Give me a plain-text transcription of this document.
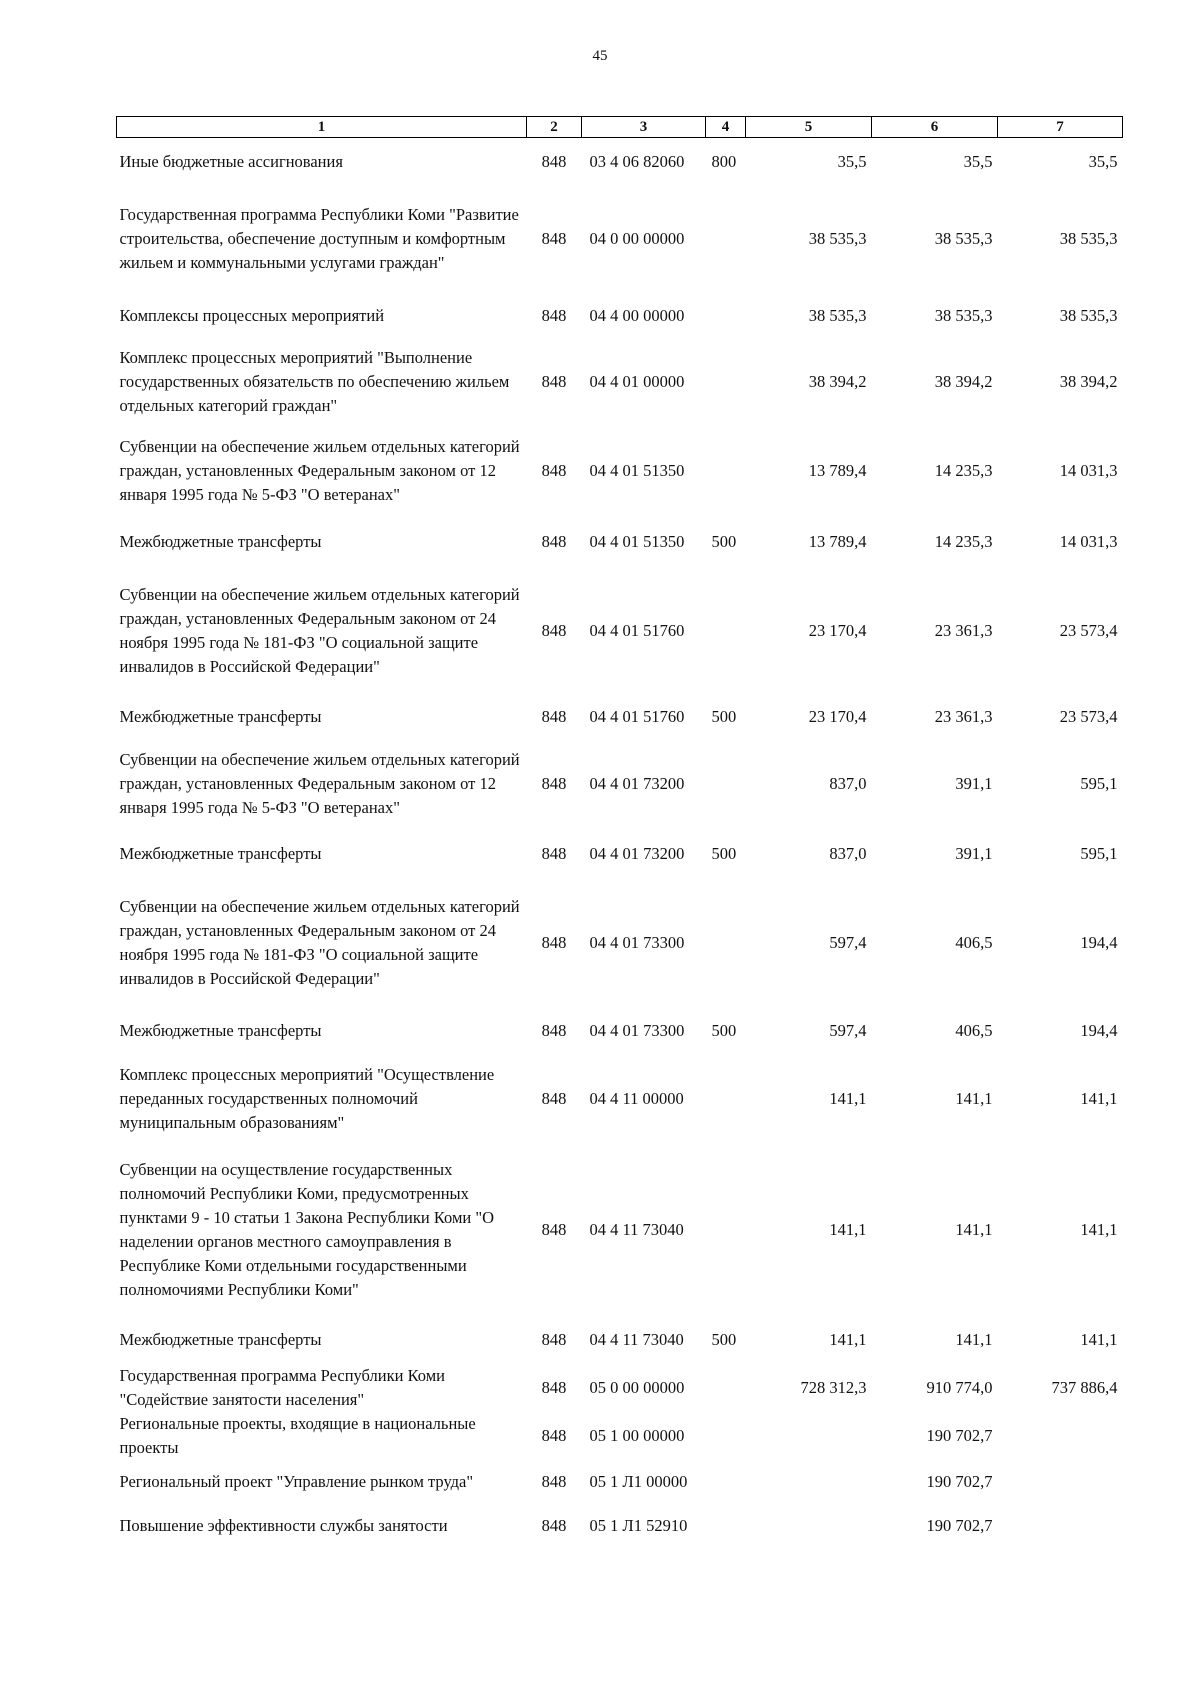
45
1	2	3	4	5	6	7
Иные бюджетные ассигнования	848	03 4 06 82060	800	35,5	35,5	35,5
Государственная программа Республики Коми "Развитие строительства, обеспечение доступным и комфортным жильем и коммунальными услугами граждан"	848	04 0 00 00000		38 535,3	38 535,3	38 535,3
Комплексы процессных мероприятий	848	04 4 00 00000		38 535,3	38 535,3	38 535,3
Комплекс процессных мероприятий "Выполнение государственных обязательств по обеспечению жильем отдельных категорий граждан"	848	04 4 01 00000		38 394,2	38 394,2	38 394,2
Субвенции на обеспечение жильем отдельных категорий граждан, установленных Федеральным законом от 12 января 1995 года № 5-ФЗ "О ветеранах"	848	04 4 01 51350		13 789,4	14 235,3	14 031,3
Межбюджетные трансферты	848	04 4 01 51350	500	13 789,4	14 235,3	14 031,3
Субвенции на обеспечение жильем отдельных категорий граждан, установленных Федеральным законом от 24 ноября 1995 года № 181-ФЗ "О социальной защите инвалидов в Российской Федерации"	848	04 4 01 51760		23 170,4	23 361,3	23 573,4
Межбюджетные трансферты	848	04 4 01 51760	500	23 170,4	23 361,3	23 573,4
Субвенции на обеспечение жильем отдельных категорий граждан, установленных Федеральным законом от 12 января 1995 года № 5-ФЗ "О ветеранах"	848	04 4 01 73200		837,0	391,1	595,1
Межбюджетные трансферты	848	04 4 01 73200	500	837,0	391,1	595,1
Субвенции на обеспечение жильем отдельных категорий граждан, установленных Федеральным законом от 24 ноября 1995 года № 181-ФЗ "О социальной защите инвалидов в Российской Федерации"	848	04 4 01 73300		597,4	406,5	194,4
Межбюджетные трансферты	848	04 4 01 73300	500	597,4	406,5	194,4
Комплекс процессных мероприятий "Осуществление переданных государственных полномочий муниципальным образованиям"	848	04 4 11 00000		141,1	141,1	141,1
Субвенции на осуществление государственных полномочий Республики Коми, предусмотренных пунктами 9 - 10 статьи 1 Закона Республики Коми "О наделении органов местного самоуправления в Республике Коми отдельными государственными полномочиями Республики Коми"	848	04 4 11 73040		141,1	141,1	141,1
Межбюджетные трансферты	848	04 4 11 73040	500	141,1	141,1	141,1
Государственная программа Республики Коми "Содействие занятости населения"	848	05 0 00 00000		728 312,3	910 774,0	737 886,4
Региональные проекты, входящие в национальные проекты	848	05 1 00 00000			190 702,7	
Региональный проект "Управление рынком труда"	848	05 1 Л1 00000			190 702,7	
Повышение эффективности службы занятости	848	05 1 Л1 52910			190 702,7	
